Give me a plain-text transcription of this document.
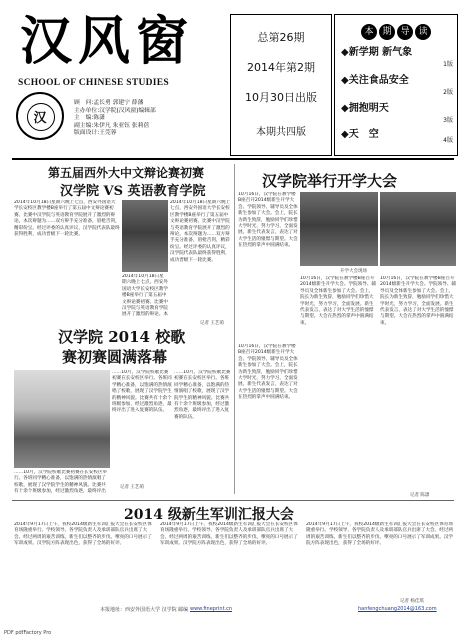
汉风窗
SCHOOL OF CHINESE STUDIES
汉
顾　问:孟长勇 郭建宁 薛藩
主办单位:汉学院(汉风窗)编辑部
主　编:陈潇
副主编:朱伊凡 朱亚钰 张莉蓓
版面设计:王莞蓉
总第26期
2014年第2期
10月30日出版
本期共四版
本 期 导 读
◆新学期 新气象
1版
◆关注食品安全
2版
◆拥抱明天
3版
◆天　空
4版
第五届西外大中文辩论赛初赛
汉学院 VS 英语教育学院
2014年10月18日星期六晚上七点，西安外国语大学长安校区教学楼B座举行了第五届中文辩论赛初赛。比赛中汉学院与英语教育学院展开了激烈的辩论。本次辩题为……双方辩手充分准备，唇枪舌剑，精彩纷呈。经过评委的认真评议，汉学院代表队最终获得胜利，成功晋级下一轮比赛。
2014年10月18日星期六晚上七点，西安外国语大学长安校区教学楼B座举行了第五届中文辩论赛初赛。比赛中汉学院与英语教育学院展开了激烈的辩论。本
2014年10月18日星期六晚上七点，西安外国语大学长安校区教学楼B座举行了第五届中文辩论赛初赛。比赛中汉学院与英语教育学院展开了激烈的辩论。本次辩题为……双方辩手充分准备，唇枪舌剑，精彩纷呈。经过评委的认真评议，汉学院代表队最终获得胜利，成功晋级下一轮比赛。
记者 王艺萌
汉学院 2014 校歌
赛初赛圆满落幕
……10月，汉学院校歌比赛初赛在长安校区举行。各班同学精心准备，以饱满的热情演唱了校歌，展现了汉学院学生的精神风貌。比赛共有十余个班级参加，经过激烈角逐，最终评出了进入复赛的队伍。
……10月，汉学院校歌比赛初赛在长安校区举行。各班同学精心准备，以饱满的热情演唱了校歌，展现了汉学院学生的精神风貌。比赛共有十余个班级参加，经过激烈角逐，最终评出了进入复赛的队伍。
……10月，汉学院校歌比赛初赛在长安校区举行。各班同学精心准备，以饱满的热情演唱了校歌，展现了汉学院学生的精神风貌。比赛共有十余个班级参加，经过激烈角逐，最终评出
记者 王艺萌
汉学院举行开学大会
10月16日，汉学院在教学楼B座召开2014级新生开学大会。学院领导、辅导员及全体新生参加了大会。会上，院长为新生致辞，勉励同学们珍惜大学时光，努力学习，全面发展。新生代表发言，表达了对大学生活的憧憬与期望。大会在热烈的掌声中圆满结束。
开学大会现场
10月16日，汉学院在教学楼B座召开2014级新生开学大会。学院领导、辅导员及全体新生参加了大会。会上，院长为新生致辞，勉励同学们珍惜大学时光，努力学习，全面发展。新生代表发言，表达了对大学生活的憧憬与期望。大会在热烈的掌声中圆满结束。
10月16日，汉学院在教学楼B座召开2014级新生开学大会。学院领导、辅导员及全体新生参加了大会。会上，院长为新生致辞，勉励同学们珍惜大学时光，努力学习，全面发展。新生代表发言，表达了对大学生活的憧憬与期望。大会在热烈的掌声中圆满结束。
10月16日，汉学院在教学楼B座召开2014级新生开学大会。学院领导、辅导员及全体新生参加了大会。会上，院长为新生致辞，勉励同学们珍惜大学时光，努力学习，全面发展。新生代表发言，表达了对大学生活的憧憬与期望。大会在热烈的掌声中圆满结束。
记者 陈潇
2014 级新生军训汇报大会
2014年9月17日上午，我校2014级新生军训汇报大会在长安校区体育场隆重举行。学校领导、各学院负责人及承训部队官兵出席了大会。经过两周的艰苦训练，新生们以整齐的步伐、嘹亮的口号展示了军训成果。汉学院方阵表现出色，获得了全场的好评。
2014年9月17日上午，我校2014级新生军训汇报大会在长安校区体育场隆重举行。学校领导、各学院负责人及承训部队官兵出席了大会。经过两周的艰苦训练，新生们以整齐的步伐、嘹亮的口号展示了军训成果。汉学院方阵表现出色，获得了全场的好评。
2014年9月17日上午，我校2014级新生军训汇报大会在长安校区体育场隆重举行。学校领导、各学院负责人及承训部队官兵出席了大会。经过两周的艰苦训练，新生们以整齐的步伐、嘹亮的口号展示了军训成果。汉学院方阵表现出色，获得了全场的好评。
记者 杨佳琪
本报地址：西安外国语大学 汉学院 邮编 www.fineprint.cn	hanfengchuang2014@163.com
PDF pdfFactory Pro
